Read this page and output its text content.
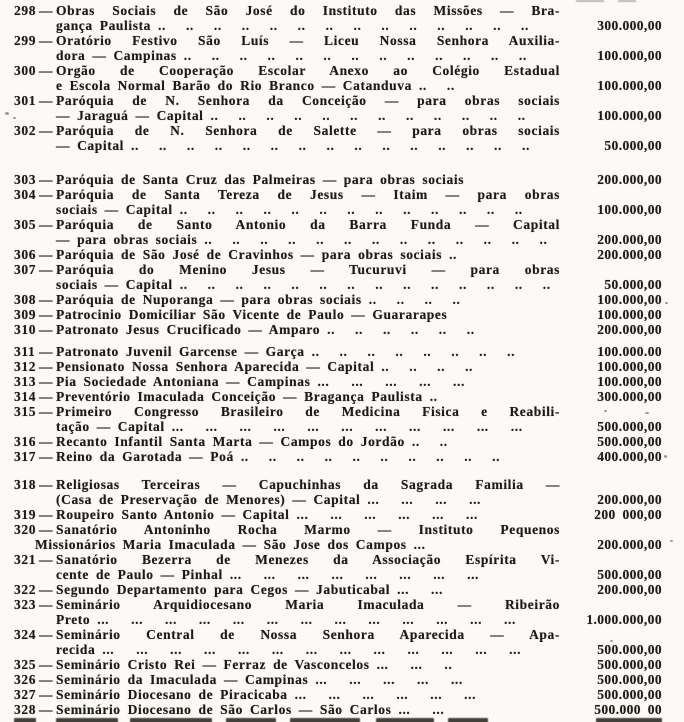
298 — Obras Sociais de São José do Instituto das Missões — Bra-
gança Paulista .. .. .. .. .. .. .. .. .. .. .. .. .. ..	300.000,00
299 — Oratório Festivo São Luís — Liceu Nossa Senhora Auxilia-
dora — Campinas .. .. .. .. .. .. .. .. .. .. .. .. ..	100.000,00
300 — Orgão de Cooperação Escolar Anexo ao Colégio Estadual
e Escola Normal Barão do Rio Branco — Catanduva .. ..	100.000,00
301 — Paróquia de N. Senhora da Conceição — para obras sociais
— Jaraguá — Capital .. .. .. .. .. .. .. .. .. .. .. ..	100.000,00
302 — Paróquia de N. Senhora de Salette — para obras sociais
— Capital .. .. .. .. .. .. .. .. .. .. .. .. .. .. ..	50.000,00
303 — Paróquia de Santa Cruz das Palmeiras — para obras sociais	200.000,00
304 — Paróquia de Santa Tereza de Jesus — Itaim — para obras
sociais — Capital .. .. .. .. .. .. .. .. .. .. .. .. ..	100.000,00
305 — Paróquia de Santo Antonio da Barra Funda — Capital
— para obras sociais .. .. .. .. .. .. .. .. .. .. .. .. ..	200.000,00
306 — Paróquia de São José de Cravinhos — para obras sociais ..	200.000,00
307 — Paróquia do Menino Jesus — Tucuruvi — para obras
sociais — Capital .. .. .. .. .. .. .. .. .. .. .. .. .. ..	50.000,00
308 — Paróquia de Nuporanga — para obras sociais .. .. .. ..	100.000,00
309 — Patrocinio Domiciliar São Vicente de Paulo — Guararapes	100.000,00
310 — Patronato Jesus Crucificado — Amparo .. .. .. .. .. ..	200.000,00
311 — Patronato Juvenil Garcense — Garça .. .. .. .. .. .. .. ..	100.000.00
312 — Pensionato Nossa Senhora Aparecida — Capital .. .. .. ..	100.000,00
313 — Pia Sociedade Antoniana — Campinas ... ... ... ... ...	100.000,00
314 — Preventório Imaculada Conceição — Bragança Paulista ..	300.000,00
315 — Primeiro Congresso Brasileiro de Medicina Fisica e Reabili-
tação — Capital ... ... ... ... ... ... ... ... ... ... ...	500.000,00
316 — Recanto Infantil Santa Marta — Campos do Jordão .. ..	500.000,00
317 — Reino da Garotada — Poá .. .. .. .. .. .. .. .. .. ..	400.000,00
318 — Religiosas Terceiras — Capuchinhas da Sagrada Familia —
(Casa de Preservação de Menores) — Capital ... ... ... ...	200.000,00
319 — Roupeiro Santo Antonio — Capital ... ... ... ... ... ...	200 000,00
320 — Sanatório Antoninho Rocha Marmo — Instituto Pequenos
Missionários Maria Imaculada — São Jose dos Campos ...	200.000,00
321 — Sanatório Bezerra de Menezes da Associação Espírita Vi-
cente de Paulo — Pinhal ... ... ... ... ... ... ... ...	500.000,00
322 — Segundo Departamento para Cegos — Jabuticabal ... ...	200.000,00
323 — Seminário Arquidiocesano Maria Imaculada — Ribeirão
Preto ... ... ... ... ... ... ... ... ... ... ... ... ...	1.000.000,00
324 — Seminário Central de Nossa Senhora Aparecida — Apa-
recida ... ... ... ... ... ... ... ... ... ... ... ... ...	500.000,00
325 — Seminário Cristo Rei — Ferraz de Vasconcelos ... ... ..	500.000,00
326 — Seminário da Imaculada — Campinas ... ... ... ... ...	500.000,00
327 — Seminário Diocesano de Piracicaba ... ... ... ... ... ...	500.000,00
328 — Seminário Diocesano de São Carlos — São Carlos ... ...	500.000 00
